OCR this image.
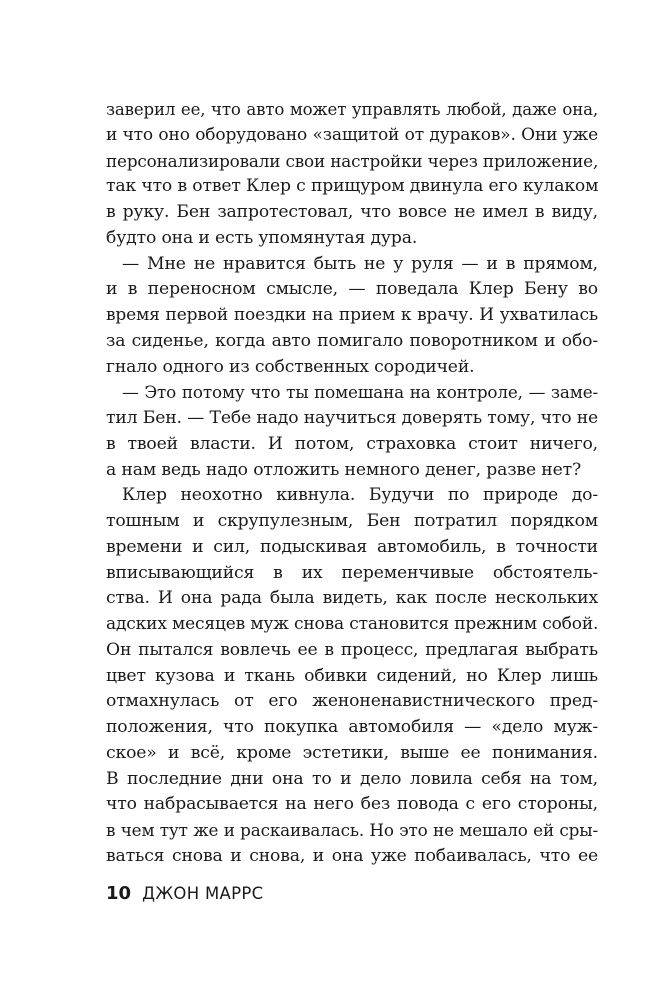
заверил ее, что авто может управлять любой, даже она,
и что оно оборудовано «защитой от дураков». Они уже
персонализировали свои настройки через приложение,
так что в ответ Клер с прищуром двинула его кулаком
в руку. Бен запротестовал, что вовсе не имел в виду,
будто она и есть упомянутая дура.
— Мне не нравится быть не у руля — и в прямом,
и в переносном смысле, — поведала Клер Бену во
время первой поездки на прием к врачу. И ухватилась
за сиденье, когда авто помигало поворотником и обо-
гнало одного из собственных сородичей.
— Это потому что ты помешана на контроле, — заме-
тил Бен. — Тебе надо научиться доверять тому, что не
в твоей власти. И потом, страховка стоит ничего,
а нам ведь надо отложить немного денег, разве нет?
Клер неохотно кивнула. Будучи по природе до-
тошным и скрупулезным, Бен потратил порядком
времени и сил, подыскивая автомобиль, в точности
вписывающийся в их переменчивые обстоятель-
ства. И она рада была видеть, как после нескольких
адских месяцев муж снова становится прежним собой.
Он пытался вовлечь ее в процесс, предлагая выбрать
цвет кузова и ткань обивки сидений, но Клер лишь
отмахнулась от его женоненавистнического пред-
положения, что покупка автомобиля — «дело муж-
ское» и всё, кроме эстетики, выше ее понимания.
В последние дни она то и дело ловила себя на том,
что набрасывается на него без повода с его стороны,
в чем тут же и раскаивалась. Но это не мешало ей сры-
ваться снова и снова, и она уже побаивалась, что ее
10 ДЖОН МАРРС
